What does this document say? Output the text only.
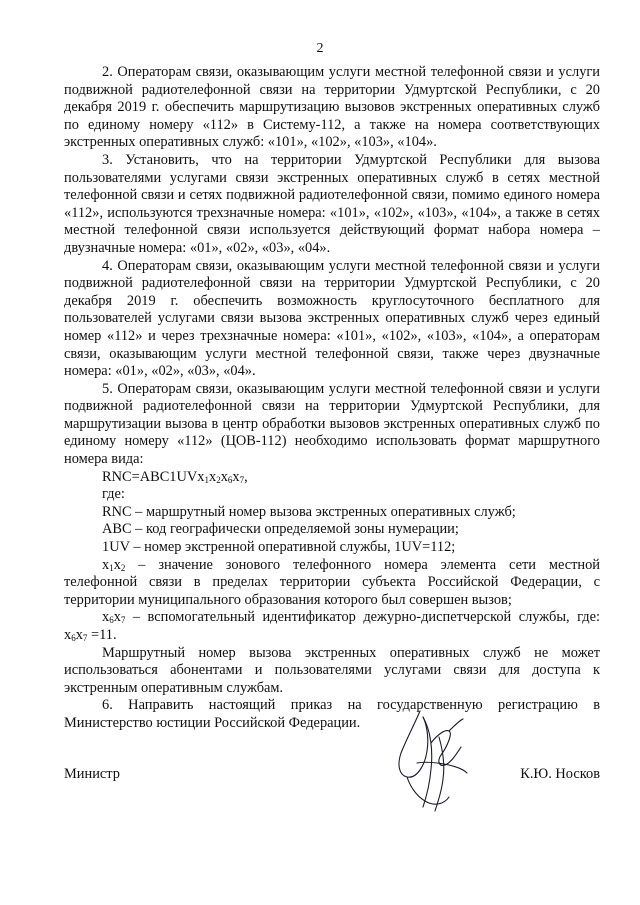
2

2. Операторам связи, оказывающим услуги местной телефонной связи и услуги подвижной радиотелефонной связи на территории Удмуртской Республики, с 20 декабря 2019 г. обеспечить маршрутизацию вызовов экстренных оперативных служб по единому номеру «112» в Систему-112, а также на номера соответствующих экстренных оперативных служб: «101», «102», «103», «104».

3. Установить, что на территории Удмуртской Республики для вызова пользователями услугами связи экстренных оперативных служб в сетях местной телефонной связи и сетях подвижной радиотелефонной связи, помимо единого номера «112», используются трехзначные номера: «101», «102», «103», «104», а также в сетях местной телефонной связи используется действующий формат набора номера – двузначные номера: «01», «02», «03», «04».

4. Операторам связи, оказывающим услуги местной телефонной связи и услуги подвижной радиотелефонной связи на территории Удмуртской Республики, с 20 декабря 2019 г. обеспечить возможность круглосуточного бесплатного для пользователей услугами связи вызова экстренных оперативных служб через единый номер «112» и через трехзначные номера: «101», «102», «103», «104», а операторам связи, оказывающим услуги местной телефонной связи, также через двузначные номера: «01», «02», «03», «04».

5. Операторам связи, оказывающим услуги местной телефонной связи и услуги подвижной радиотелефонной связи на территории Удмуртской Республики, для маршрутизации вызова в центр обработки вызовов экстренных оперативных служб по единому номеру «112» (ЦОВ-112) необходимо использовать формат маршрутного номера вида:

$RNC=ABC1UVx_1x_2x_6x_7$,

где:

RNC – маршрутный номер вызова экстренных оперативных служб;

ABC – код географически определяемой зоны нумерации;

1UV – номер экстренной оперативной службы, 1UV=112;

$x_1x_2$ – значение зонового телефонного номера элемента сети местной телефонной связи в пределах территории субъекта Российской Федерации, с территории муниципального образования которого был совершен вызов;

$x_6x_7$ – вспомогательный идентификатор дежурно-диспетчерской службы, где: $x_6x_7 =11$.

Маршрутный номер вызова экстренных оперативных служб не может использоваться абонентами и пользователями услугами связи для доступа к экстренным оперативным службам.

6. Направить настоящий приказ на государственную регистрацию в Министерство юстиции Российской Федерации.

Министр	К.Ю. Носков
